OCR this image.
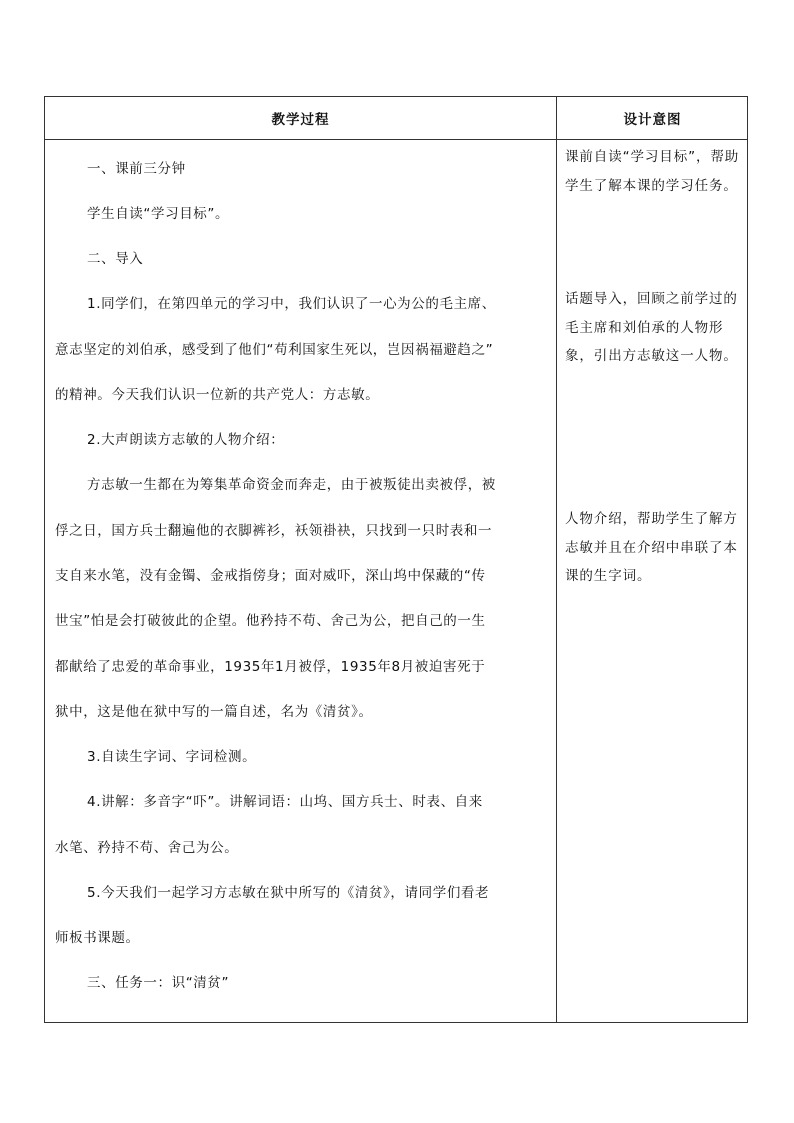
教学过程	设计意图
一、课前三分钟
学生自读“学习目标”。
二、导入
1.同学们，在第四单元的学习中，我们认识了一心为公的毛主席、
意志坚定的刘伯承，感受到了他们“苟利国家生死以，岂因祸福避趋之”
的精神。今天我们认识一位新的共产党人：方志敏。
2.大声朗读方志敏的人物介绍：
方志敏一生都在为筹集革命资金而奔走，由于被叛徒出卖被俘，被
俘之日，国方兵士翻遍他的衣脚裤衫，袄领褂袂，只找到一只时表和一
支自来水笔，没有金镯、金戒指傍身；面对威吓，深山坞中保藏的“传
世宝”怕是会打破彼此的企望。他矜持不苟、舍己为公，把自己的一生
都献给了忠爱的革命事业，1935年1月被俘，1935年8月被迫害死于
狱中，这是他在狱中写的一篇自述，名为《清贫》。
3.自读生字词、字词检测。
4.讲解：多音字“吓”。讲解词语：山坞、国方兵士、时表、自来
水笔、矜持不苟、舍己为公。
5.今天我们一起学习方志敏在狱中所写的《清贫》，请同学们看老
师板书课题。
三、任务一：识“清贫”
课前自读“学习目标”，帮助学生了解本课的学习任务。
话题导入，回顾之前学过的毛主席和刘伯承的人物形象，引出方志敏这一人物。
人物介绍，帮助学生了解方志敏并且在介绍中串联了本课的生字词。
